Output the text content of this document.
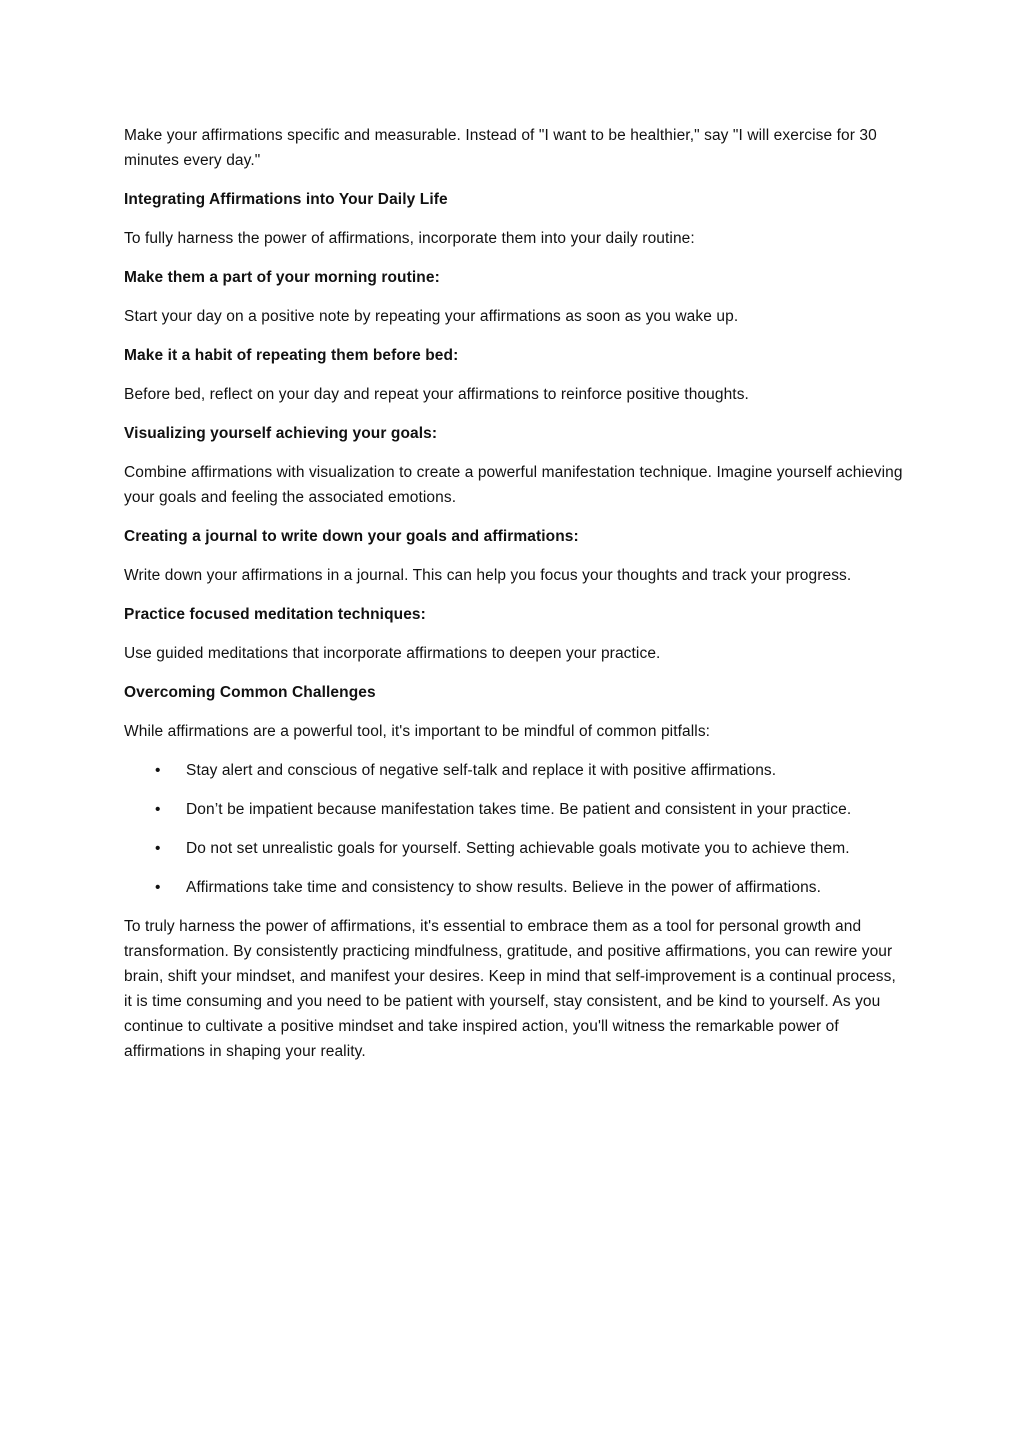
Make your affirmations specific and measurable. Instead of "I want to be healthier," say "I will exercise for 30 minutes every day."

Integrating Affirmations into Your Daily Life

To fully harness the power of affirmations, incorporate them into your daily routine:

Make them a part of your morning routine:

Start your day on a positive note by repeating your affirmations as soon as you wake up.

Make it a habit of repeating them before bed:

Before bed, reflect on your day and repeat your affirmations to reinforce positive thoughts.

Visualizing yourself achieving your goals:

Combine affirmations with visualization to create a powerful manifestation technique. Imagine yourself achieving your goals and feeling the associated emotions.

Creating a journal to write down your goals and affirmations:

Write down your affirmations in a journal. This can help you focus your thoughts and track your progress.

Practice focused meditation techniques:

Use guided meditations that incorporate affirmations to deepen your practice.

Overcoming Common Challenges

While affirmations are a powerful tool, it's important to be mindful of common pitfalls:

• Stay alert and conscious of negative self-talk and replace it with positive affirmations.
• Don’t be impatient because manifestation takes time. Be patient and consistent in your practice.
• Do not set unrealistic goals for yourself. Setting achievable goals motivate you to achieve them.
• Affirmations take time and consistency to show results. Believe in the power of affirmations.

To truly harness the power of affirmations, it's essential to embrace them as a tool for personal growth and transformation. By consistently practicing mindfulness, gratitude, and positive affirmations, you can rewire your brain, shift your mindset, and manifest your desires. Keep in mind that self-improvement is a continual process, it is time consuming and you need to be patient with yourself, stay consistent, and be kind to yourself. As you continue to cultivate a positive mindset and take inspired action, you'll witness the remarkable power of affirmations in shaping your reality.
